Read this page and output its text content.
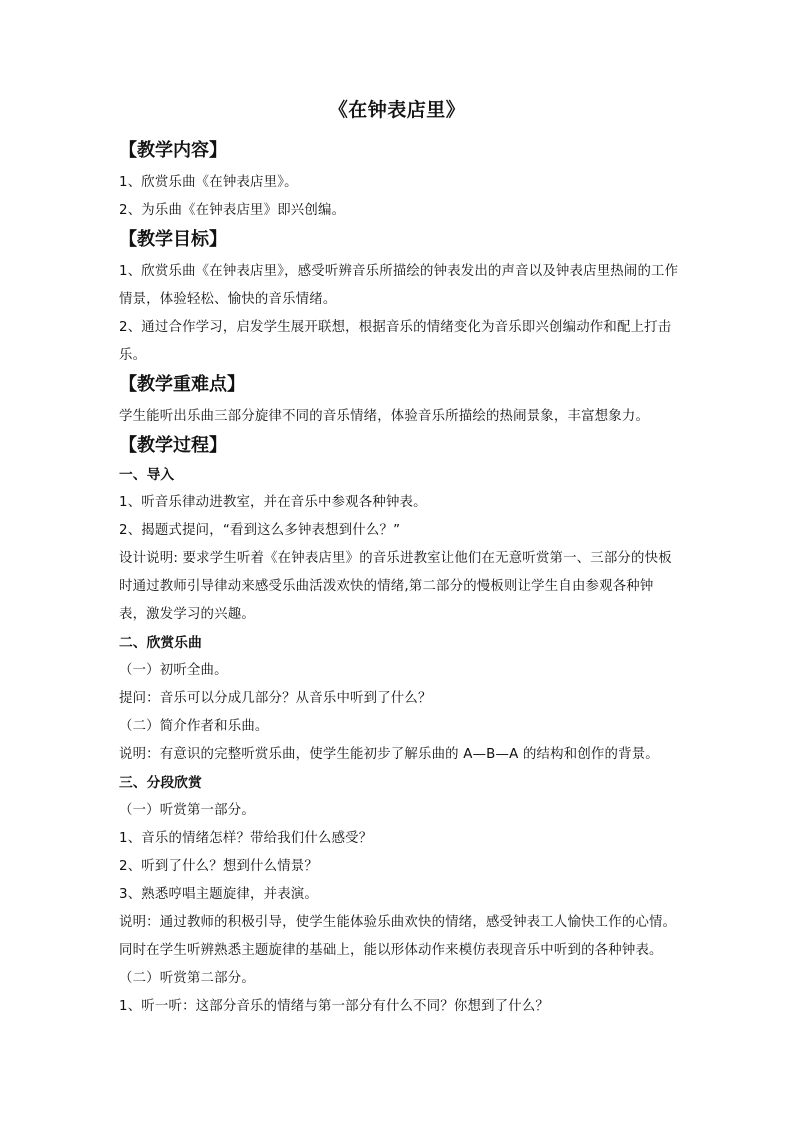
《在钟表店里》
【教学内容】

1、欣赏乐曲《在钟表店里》。

2、为乐曲《在钟表店里》即兴创编。

【教学目标】

1、欣赏乐曲《在钟表店里》，感受听辨音乐所描绘的钟表发出的声音以及钟表店里热闹的工作情景，体验轻松、愉快的音乐情绪。

2、通过合作学习，启发学生展开联想，根据音乐的情绪变化为音乐即兴创编动作和配上打击乐。

【教学重难点】

学生能听出乐曲三部分旋律不同的音乐情绪，体验音乐所描绘的热闹景象，丰富想象力。

【教学过程】
一、导入

1、听音乐律动进教室，并在音乐中参观各种钟表。

2、揭题式提问，“看到这么多钟表想到什么？”

设计说明: 要求学生听着《在钟表店里》的音乐进教室让他们在无意听赏第一、三部分的快板时通过教师引导律动来感受乐曲活泼欢快的情绪,第二部分的慢板则让学生自由参观各种钟表，激发学习的兴趣。

二、欣赏乐曲

（一）初听全曲。

提问：音乐可以分成几部分？从音乐中听到了什么？

（二）简介作者和乐曲。

说明：有意识的完整听赏乐曲，使学生能初步了解乐曲的 A—B—A 的结构和创作的背景。

三、分段欣赏

（一）听赏第一部分。

1、音乐的情绪怎样？带给我们什么感受？

2、听到了什么？想到什么情景？

3、熟悉哼唱主题旋律，并表演。

说明：通过教师的积极引导，使学生能体验乐曲欢快的情绪，感受钟表工人愉快工作的心情。同时在学生听辨熟悉主题旋律的基础上，能以形体动作来模仿表现音乐中听到的各种钟表。

（二）听赏第二部分。

1、听一听：这部分音乐的情绪与第一部分有什么不同？你想到了什么？
